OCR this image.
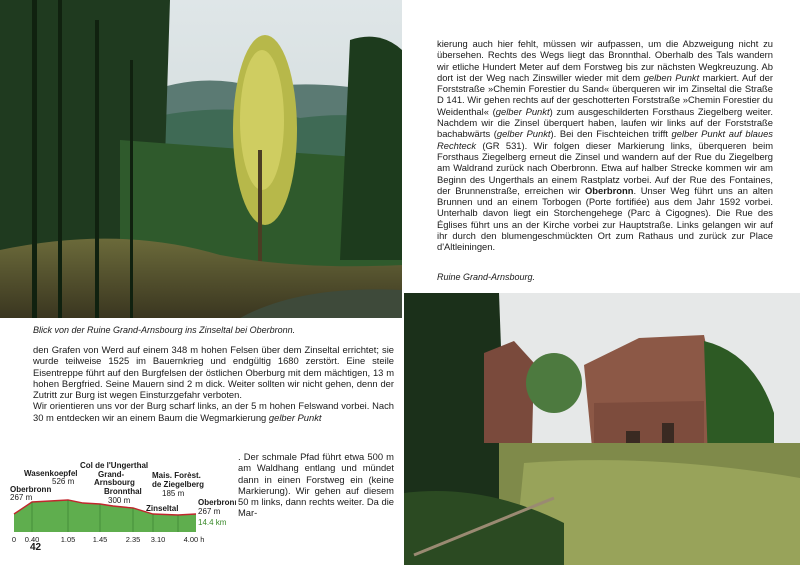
Blick von der Ruine Grand-Arnsbourg ins Zinseltal bei Oberbronn.
Ruine Grand-Arnsbourg.

den Grafen von Werd auf einem 348 m hohen Felsen über dem Zinseltal errichtet; sie wurde teilweise 1525 im Bauernkrieg und endgültig 1680 zerstört. Eine steile Eisentreppe führt auf den Burgfelsen der östlichen Oberburg mit dem mächtigen, 13 m hohen Bergfried. Seine Mauern sind 2 m dick. Weiter sollten wir nicht gehen, denn der Zutritt zur Burg ist wegen Einsturzgefahr verboten.
Wir orientieren uns vor der Burg scharf links, an der 5 m hohen Felswand vorbei. Nach 30 m entdecken wir an einem Baum die Wegmarkierung gelber Punkt

. Der schmale Pfad führt etwa 500 m am Waldhang entlang und mündet dann in einen Forstweg ein (keine Markierung). Wir gehen auf diesem 50 m links, dann rechts weiter. Da die Mar-

kierung auch hier fehlt, müssen wir aufpassen, um die Abzweigung nicht zu übersehen. Rechts des Wegs liegt das Bronnthal. Oberhalb des Tals wandern wir etliche Hundert Meter auf dem Forstweg bis zur nächsten Wegkreuzung. Ab dort ist der Weg nach Zinswiller wieder mit dem gelben Punkt markiert. Auf der Forststraße »Chemin Forestier du Sand« überqueren wir im Zinseltal die Straße D 141. Wir gehen rechts auf der geschotterten Forststraße »Chemin Forestier du Weidenthal« (gelber Punkt) zum ausgeschilderten Forsthaus Ziegelberg weiter. Nachdem wir die Zinsel überquert haben, laufen wir links auf der Forststraße bachabwärts (gelber Punkt). Bei den Fischteichen trifft gelber Punkt auf blaues Rechteck (GR 531). Wir folgen dieser Markierung links, überqueren beim Forsthaus Ziegelberg erneut die Zinsel und wandern auf der Rue du Ziegelberg am Waldrand zurück nach Oberbronn. Etwa auf halber Strecke kommen wir am Beginn des Ungerthals an einem Rastplatz vorbei. Auf der Rue des Fontaines, der Brunnenstraße, erreichen wir Oberbronn. Unser Weg führt uns an alten Brunnen und an einem Torbogen (Porte fortifiée) aus dem Jahr 1592 vorbei. Unterhalb davon liegt ein Storchengehege (Parc à Cigognes). Die Rue des Églises führt uns an der Kirche vorbei zur Hauptstraße. Links gelangen wir auf ihr durch den blumengeschmückten Ort zum Rathaus und zurück zur Place d'Altleiningen.

Oberbronn
267 m
Wasenkoepfel
526 m
Col de l'Ungerthal
Grand-
Arnsbourg
Bronnthal
300 m
Zinseltal
Mais. Forèst.
de Ziegelberg
185 m
Oberbronn
267 m
14.4 km
0 0.40	1.05 1.45 2.35 3.10 4.00 h
42
